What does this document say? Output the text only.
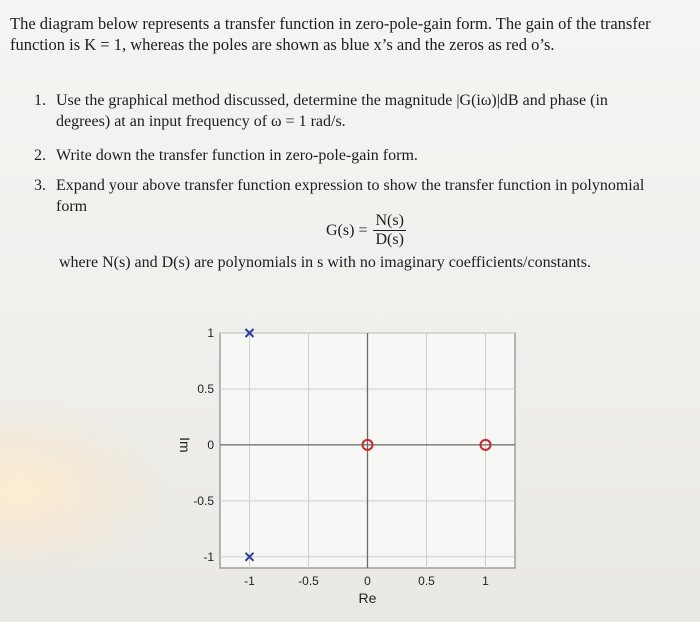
The diagram below represents a transfer function in zero-pole-gain form. The gain of the transfer
function is K = 1, whereas the poles are shown as blue x’s and the zeros as red o’s.
1. Use the graphical method discussed, determine the magnitude |G(iω)|dB and phase (in
degrees) at an input frequency of ω = 1 rad/s.
2. Write down the transfer function in zero-pole-gain form.
3. Expand your above transfer function expression to show the transfer function in polynomial
form
$G(s) = \frac{N(s)}{D(s)}$
where N(s) and D(s) are polynomials in s with no imaginary coefficients/constants.
-1	-0.5	0	0.5	1
1
0.5
0
-0.5
-1
Re
Im
